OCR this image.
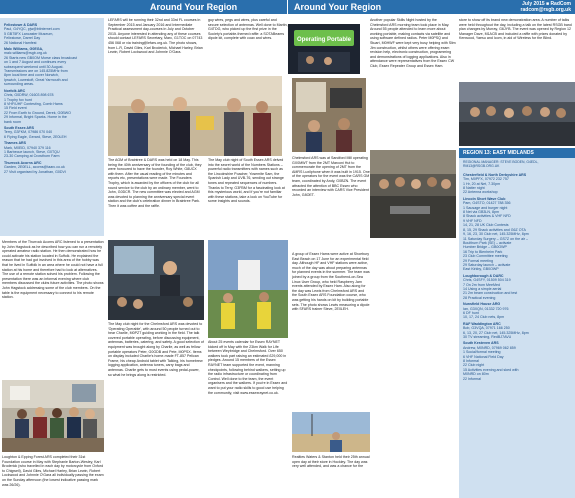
Around Your Region	Around Your Region	July 2015 ■ RadCom
radcom@rsgb.org.uk
Felixstowe & DARS
Paul, G4YQC, pjw@btinternet.com
5 GB75FX Lancaster Museum,
Felixstowe, Darrel Day
26 National Hamfest
Malc Williams, G0EGA,
malc.williams@rsgb.org.uk
26 Starts new GB0OM Morse class broadcast
on 1 and 7 August and continues every
subsequent weekend until 30 August.
Transmissions are on 145.825MHz from
8pm local time and cover Norwich,
Ipswich, Lowestoft, Great Yarmouth and
surrounding areas.
Norfolk ARC
Chris, G0DRW, 01603 898 678
1 Trophy fox hunt
8 VHF/UHF Contesting, Comb Hams
15 Field event
22 From Earth to Ground, Derek, G0BWO
29 Informal, Bright Sparks. Home in the
bank room
South Essex ARS
Terry, G3FKM, 07986 070 040
6 Flying Eagle, Gerard, Steve, 2E0LEH
Thames ARS
Mark, M0EID, 07940 379 116
1 Barbecue launch, Steve, G0TQU
23-30 Camping at Crowthorn Farm
Thurrock Acorns ARC
Garden, 2E0ELL, acorns@taarc.co.uk
27 Visit organised by Jonathan, G0DVI

Members of the Thurrock Acorns ARC listened to a presentation by John Hagstock as he described how you can run a remotely operated amateur radio station. He then demonstrated how he could activate his station located in Suffolk. He explained the reason that he had got involved in this area of the hobby was that he lived in Suffolk in an area where he could not have a full station at his home and therefore had to look at alternatives. The use of a remote station solved his problem. Following the presentation there was an informal evening where club members discussed the clubs future activities. The photo shows John Hagstock addressing some of the club members. On the table is the equipment necessary to connect to his remote station.

Loughton & Epping Forest ARS completed their 31st Foundation course in May with Stephanie Barton-Wesley, Karl Broderick (who travelled in each day by motorcycle from Oxford to Chigwell), David Giles, Michael Harley, Brian Lewin, Robert Lockwood and Johnnie O'Gara all individually passing the exam on the Sunday afternoon (the lowest indicative passing mark was 26/26).

LEFARS will be running their 32nd and 33rd FL courses in September 2015 and January 2016 and Intermediate Practical assessment day-courses in July and October 2015. Anyone interested in attending any of these courses should contact LEFARS Secretary, Marc, G1TOC on 07743 456 068 or via training@lefars.org.uk. The photo shows, from L-R, David Giles, Karl Broderick, Michael Harley, Brian Lewin, Robert Lockwood and Johnnie O'Gara.

The AGM of Braintree & DARS was held on 18 May. This being the 40th anniversary of the founding of the club, they were honoured to have the founder, Roy White, G8UCX with them. After the usual reading of the minutes and reports etc, presentations were made. The Founders Trophy, which is awarded by the officers of the club for all round service to the club by an ordinary member, went to John, G0DCR. The new committee was elected and AGM was devoted to planning the anniversary special event station and the club's celebration dinner in Braintree Park. Then it was coffee and the raffle.

The May club night for the Chelmsford ARS was devoted to 'Operating Operable', with around 50 people turned out to hear Charlie, M0PZT guiding working in the field. The talk covered portable operating, before discussing equipment, antennas, batteries, catering, and safety. A good selection of equipment was brought along by Charlie, as well as fellow portable operators Peter, G0GDB and Pete, M0PSX. Items on display included Charlie's home-made FT-857 Pelican Frame, his cheap Android tablet with Talking, his homebrew logging application, antenna tuners, carry bags and antennas. Charlie gets to most events using pedal-power, so what he brings along is restricted.

guy wires, pegs and wires, plus careful and secure selection of antennas. Well done to Martin, G4TDG, who picked up the first prize in the Society's portable-themed raffle: a SOTABeams dipole kit, complete with coax and wires.	Operating Portable

The May club night of South Essex ARS delved into the secret world of the Numbers Stations – powerful radio transmitters with names such as the Lincolnshire Poacher, Yosemite Sam, the Spanish Lady and UVB-76, sending out strange tones and repeated sequences of numbers. Thanks to Terry, G3FBM for a fascinating look at this mysterious world, and if you're not familiar with these stations, take a look on YouTube for some insights and sounds.

About 25 events calendar for Essex RAYNET kicked off in May with the 23km Walk for Life between Weybridge and Chelmsford. Over 650 walkers took part raising an estimated £29,000 in pledges. Around 15 members of the Essex RAYNET team supported the event, manning checkpoints, following behind walkers, setting up the radio infrastructure or coordinating from Control. Well done to the team, the event organisers and the walkers. If you're in Essex and want to put your radio skills to good use helping the community, visit www.essexraynet.co.uk.

Chelmsford ARS was at Sandford Mill operating GX0MWT from the 2MT Marconi Hut to commemorate the opening of 2MT from the AMRS Luxilphone when it was built in 1915. One of the operators for the event was the CARS GM team, coordinated by Andy, G0BZN. The event attracted the attention of BBC Essex who recorded an interview with CARS Vice President John, G8OET.

Another popular Skills Night hosted by the Chelmsford ARS morning team took place in May. Around 55 people attended to learn more about working portable, making contacts via satellite and using software defined radios. Peter M0PSQ and Stuart, M0HWF were kept very busy helping with Slim Jim construction, whilst others were offering exam revision help, electronic construction, programming and demonstrations of logging applications. Also in attendance were representatives from the Essex CW Club, Essex Repeater Group and Essex Ham.

A group of Essex Hams were active at Shoebury East Beach on 17 June for an experimental field day. Although HF and VHF stations were active, much of the day was about preparing antennas for planned events in the summer. The team was joined by a group from the Southend-on-Sea Linux User Group, who held Raspberry Jam events attended by Essex Ham. Also along for the day was Lewis from Chelmsford ARS and the South Essex ARS Foundation course, who was getting his hands on kit by building portable sets. The photo shows Lewis measuring a dipole with SFARS trainer Steve, 2E0LEH.

Realties Waters & Stanton held their 25th annual open day at their store in Hockley. The day was very well attended, and was a chance for the

store to show off its brand new demonstration area. A number of talks were held throughout the day, including a talk on the latest RSGB band plan changes by Murray, G6JYB. The event was opened by Region 12 Manager Dave, M1ACB and included a raffle with prizes donated by Kenwood, Yaesu and Icom, in aid of Wireless for the Blind.

REGION 13: EAST MIDLANDS
REGIONAL MANAGER: STEVE BODEN, G4EDL, RM13@RSGB.ORG.UK
Chesterfield & North Derbyshire ARS
Tim, M0PFX, 07972 232 757
1 Hr, 20 at Net, 7.30pm
8 Natter night
22 Antenna workshop
Lincoln Short Wave Club
Pam, G4STO, 01427 788 356
1 Sausage and burger night
8 Net via GB3LN, 8pm
8 Shack activities & VHF NFD
9 VHF NFD
14, 21, 28 UK Club Contests
8, 15, 29 Shack activities and G6Z OTA
9, 16, 23, 30 Club net, 145.325MHz, 8pm
11 Saturday Surgery – GS7Z on the air –
Boulthurn Park (SE) – activate
Humber Bridge – GB0OWP
16 Trip to Blenheim Park
23 Club Committee meeting
29 Formal meeting
29 Saturday launch – activate
East Kirkby, GB0OWP
Loughborough & DARC
Chris, G4SFY, 01509 504 319
7 On 2m from MeeMed
14 Using a simple aerial
21 2m beam construction and test
28 Practical evening
Nunsfield House ARG
Ian, G3XQN, 01332 720 976
6 DF hunt
10, 17, 24 Club nets, 8pm
RAF Waddington ARC
Bob, G3VQA, 07971 166 250
6, 13, 20, 27 Club net, 145.325MHz, 8pm
30 TV streaming, RedBJ7AVU
South Kesteven ARS
Andrew, M0NRD, 07969 062 859
1 Social/formal meeting
6 VHF National Field Day
8 Informal
22 Club night
15 Activities evening and sked with
M0NRD on 80m
22 Informal
